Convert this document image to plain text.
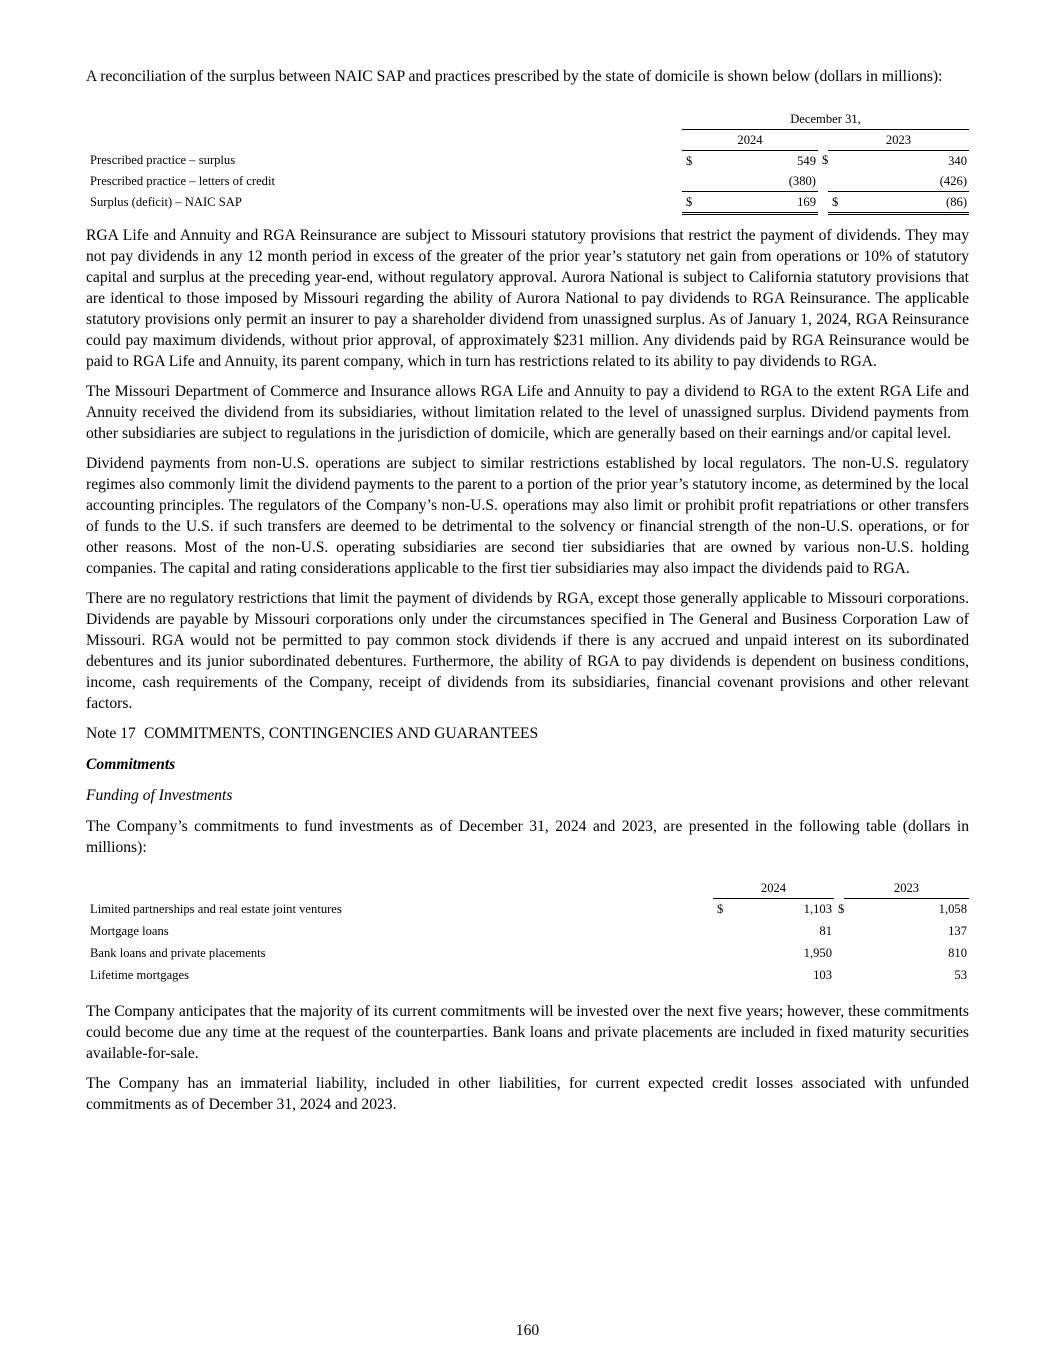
A reconciliation of the surplus between NAIC SAP and practices prescribed by the state of domicile is shown below (dollars in millions):

	December 31,				
	2024			2023	
Prescribed practice – surplus	$	549	$		340
Prescribed practice – letters of credit		(380)			(426)
Surplus (deficit) – NAIC SAP	$	169		$	(86)

RGA Life and Annuity and RGA Reinsurance are subject to Missouri statutory provisions that restrict the payment of dividends. They may not pay dividends in any 12 month period in excess of the greater of the prior year’s statutory net gain from operations or 10% of statutory capital and surplus at the preceding year-end, without regulatory approval. Aurora National is subject to California statutory provisions that are identical to those imposed by Missouri regarding the ability of Aurora National to pay dividends to RGA Reinsurance. The applicable statutory provisions only permit an insurer to pay a shareholder dividend from unassigned surplus. As of January 1, 2024, RGA Reinsurance could pay maximum dividends, without prior approval, of approximately $231 million. Any dividends paid by RGA Reinsurance would be paid to RGA Life and Annuity, its parent company, which in turn has restrictions related to its ability to pay dividends to RGA.

The Missouri Department of Commerce and Insurance allows RGA Life and Annuity to pay a dividend to RGA to the extent RGA Life and Annuity received the dividend from its subsidiaries, without limitation related to the level of unassigned surplus. Dividend payments from other subsidiaries are subject to regulations in the jurisdiction of domicile, which are generally based on their earnings and/or capital level.

Dividend payments from non-U.S. operations are subject to similar restrictions established by local regulators. The non-U.S. regulatory regimes also commonly limit the dividend payments to the parent to a portion of the prior year’s statutory income, as determined by the local accounting principles. The regulators of the Company’s non-U.S. operations may also limit or prohibit profit repatriations or other transfers of funds to the U.S. if such transfers are deemed to be detrimental to the solvency or financial strength of the non-U.S. operations, or for other reasons. Most of the non-U.S. operating subsidiaries are second tier subsidiaries that are owned by various non-U.S. holding companies. The capital and rating considerations applicable to the first tier subsidiaries may also impact the dividends paid to RGA.

There are no regulatory restrictions that limit the payment of dividends by RGA, except those generally applicable to Missouri corporations. Dividends are payable by Missouri corporations only under the circumstances specified in The General and Business Corporation Law of Missouri. RGA would not be permitted to pay common stock dividends if there is any accrued and unpaid interest on its subordinated debentures and its junior subordinated debentures. Furthermore, the ability of RGA to pay dividends is dependent on business conditions, income, cash requirements of the Company, receipt of dividends from its subsidiaries, financial covenant provisions and other relevant factors.

Note 17 COMMITMENTS, CONTINGENCIES AND GUARANTEES
Commitments
Funding of Investments

The Company’s commitments to fund investments as of December 31, 2024 and 2023, are presented in the following table (dollars in millions):

	2024			2023	
Limited partnerships and real estate joint ventures	$	1,103	$		1,058
Mortgage loans		81			137
Bank loans and private placements		1,950			810
Lifetime mortgages		103			53

The Company anticipates that the majority of its current commitments will be invested over the next five years; however, these commitments could become due any time at the request of the counterparties. Bank loans and private placements are included in fixed maturity securities available-for-sale.

The Company has an immaterial liability, included in other liabilities, for current expected credit losses associated with unfunded commitments as of December 31, 2024 and 2023.

160
